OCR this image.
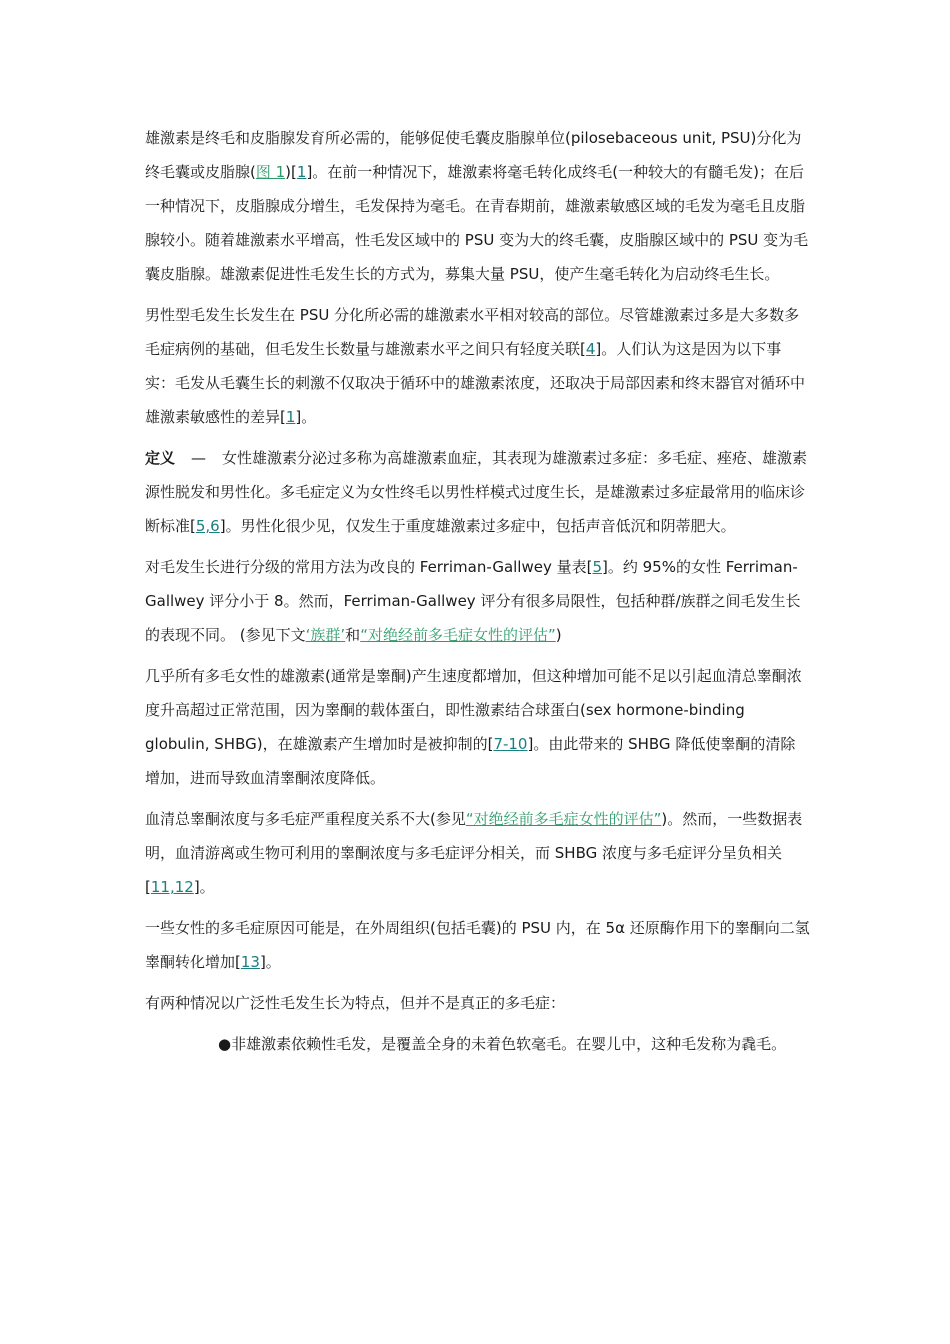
雄激素是终毛和皮脂腺发育所必需的，能够促使毛囊皮脂腺单位(pilosebaceous unit, PSU)分化为终毛囊或皮脂腺(图 1)[1]。在前一种情况下，雄激素将毫毛转化成终毛(一种较大的有髓毛发)；在后一种情况下，皮脂腺成分增生，毛发保持为毫毛。在青春期前，雄激素敏感区域的毛发为毫毛且皮脂腺较小。随着雄激素水平增高，性毛发区域中的 PSU 变为大的终毛囊，皮脂腺区域中的 PSU 变为毛囊皮脂腺。雄激素促进性毛发生长的方式为，募集大量 PSU，使产生毫毛转化为启动终毛生长。

男性型毛发生长发生在 PSU 分化所必需的雄激素水平相对较高的部位。尽管雄激素过多是大多数多毛症病例的基础，但毛发生长数量与雄激素水平之间只有轻度关联[4]。人们认为这是因为以下事实：毛发从毛囊生长的刺激不仅取决于循环中的雄激素浓度，还取决于局部因素和终末器官对循环中雄激素敏感性的差异[1]。

定义 — 女性雄激素分泌过多称为高雄激素血症，其表现为雄激素过多症：多毛症、痤疮、雄激素源性脱发和男性化。多毛症定义为女性终毛以男性样模式过度生长，是雄激素过多症最常用的临床诊断标准[5,6]。男性化很少见，仅发生于重度雄激素过多症中，包括声音低沉和阴蒂肥大。

对毛发生长进行分级的常用方法为改良的 Ferriman-Gallwey 量表[5]。约 95%的女性 Ferriman-Gallwey 评分小于 8。然而，Ferriman-Gallwey 评分有很多局限性，包括种群/族群之间毛发生长的表现不同。 (参见下文‘族群’和“对绝经前多毛症女性的评估”)

几乎所有多毛女性的雄激素(通常是睾酮)产生速度都增加，但这种增加可能不足以引起血清总睾酮浓度升高超过正常范围，因为睾酮的载体蛋白，即性激素结合球蛋白(sex hormone-binding globulin, SHBG)，在雄激素产生增加时是被抑制的[7-10]。由此带来的 SHBG 降低使睾酮的清除增加，进而导致血清睾酮浓度降低。

血清总睾酮浓度与多毛症严重程度关系不大(参见“对绝经前多毛症女性的评估”)。然而，一些数据表明，血清游离或生物可利用的睾酮浓度与多毛症评分相关，而 SHBG 浓度与多毛症评分呈负相关[11,12]。

一些女性的多毛症原因可能是，在外周组织(包括毛囊)的 PSU 内，在 5α 还原酶作用下的睾酮向二氢睾酮转化增加[13]。

有两种情况以广泛性毛发生长为特点，但并不是真正的多毛症：

●非雄激素依赖性毛发，是覆盖全身的未着色软毫毛。在婴儿中，这种毛发称为毳毛。
